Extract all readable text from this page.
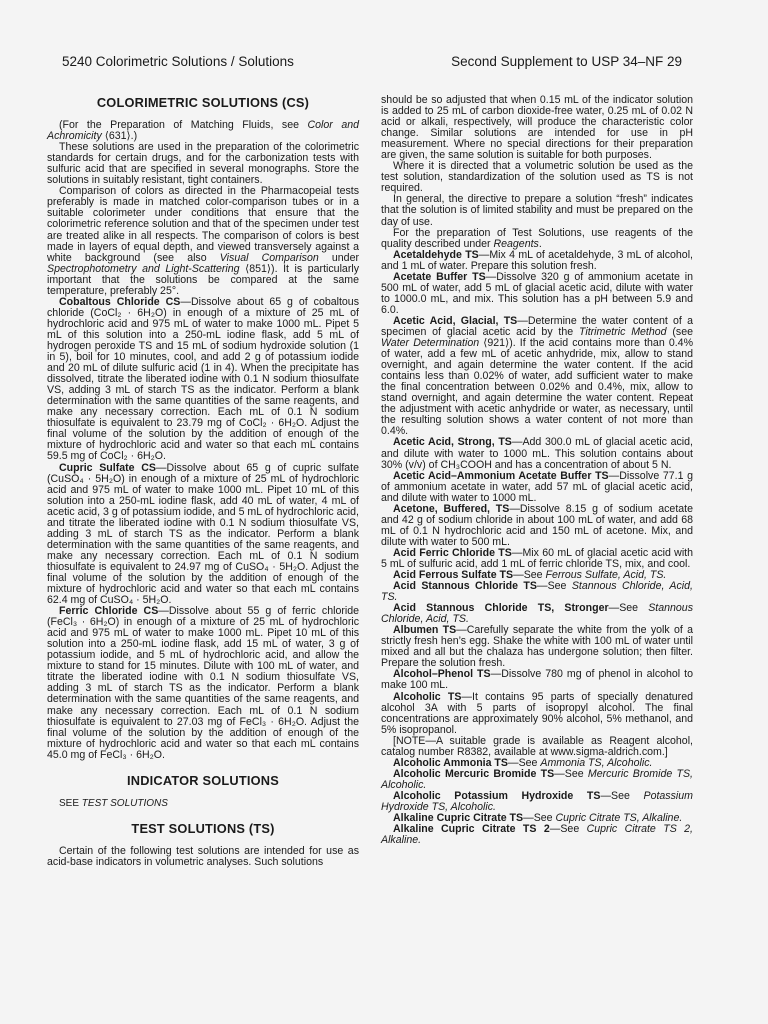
5240 Colorimetric Solutions / Solutions	Second Supplement to USP 34–NF 29
COLORIMETRIC SOLUTIONS (CS)

(For the Preparation of Matching Fluids, see Color and Achromicity ⟨631⟩.)

These solutions are used in the preparation of the colorimetric standards for certain drugs, and for the carbonization tests with sulfuric acid that are specified in several monographs. Store the solutions in suitably resistant, tight containers.

Comparison of colors as directed in the Pharmacopeial tests preferably is made in matched color-comparison tubes or in a suitable colorimeter under conditions that ensure that the colorimetric reference solution and that of the specimen under test are treated alike in all respects. The comparison of colors is best made in layers of equal depth, and viewed transversely against a white background (see also Visual Comparison under Spectrophotometry and Light-Scattering ⟨851⟩). It is particularly important that the solutions be compared at the same temperature, preferably 25°.

Cobaltous Chloride CS—Dissolve about 65 g of cobaltous chloride (CoCl₂ · 6H₂O) in enough of a mixture of 25 mL of hydrochloric acid and 975 mL of water to make 1000 mL. Pipet 5 mL of this solution into a 250-mL iodine flask, add 5 mL of hydrogen peroxide TS and 15 mL of sodium hydroxide solution (1 in 5), boil for 10 minutes, cool, and add 2 g of potassium iodide and 20 mL of dilute sulfuric acid (1 in 4). When the precipitate has dissolved, titrate the liberated iodine with 0.1 N sodium thiosulfate VS, adding 3 mL of starch TS as the indicator. Perform a blank determination with the same quantities of the same reagents, and make any necessary correction. Each mL of 0.1 N sodium thiosulfate is equivalent to 23.79 mg of CoCl₂ · 6H₂O. Adjust the final volume of the solution by the addition of enough of the mixture of hydrochloric acid and water so that each mL contains 59.5 mg of CoCl₂ · 6H₂O.

Cupric Sulfate CS—Dissolve about 65 g of cupric sulfate (CuSO₄ · 5H₂O) in enough of a mixture of 25 mL of hydrochloric acid and 975 mL of water to make 1000 mL. Pipet 10 mL of this solution into a 250-mL iodine flask, add 40 mL of water, 4 mL of acetic acid, 3 g of potassium iodide, and 5 mL of hydrochloric acid, and titrate the liberated iodine with 0.1 N sodium thiosulfate VS, adding 3 mL of starch TS as the indicator. Perform a blank determination with the same quantities of the same reagents, and make any necessary correction. Each mL of 0.1 N sodium thiosulfate is equivalent to 24.97 mg of CuSO₄ · 5H₂O. Adjust the final volume of the solution by the addition of enough of the mixture of hydrochloric acid and water so that each mL contains 62.4 mg of CuSO₄ · 5H₂O.

Ferric Chloride CS—Dissolve about 55 g of ferric chloride (FeCl₃ · 6H₂O) in enough of a mixture of 25 mL of hydrochloric acid and 975 mL of water to make 1000 mL. Pipet 10 mL of this solution into a 250-mL iodine flask, add 15 mL of water, 3 g of potassium iodide, and 5 mL of hydrochloric acid, and allow the mixture to stand for 15 minutes. Dilute with 100 mL of water, and titrate the liberated iodine with 0.1 N sodium thiosulfate VS, adding 3 mL of starch TS as the indicator. Perform a blank determination with the same quantities of the same reagents, and make any necessary correction. Each mL of 0.1 N sodium thiosulfate is equivalent to 27.03 mg of FeCl₃ · 6H₂O. Adjust the final volume of the solution by the addition of enough of the mixture of hydrochloric acid and water so that each mL contains 45.0 mg of FeCl₃ · 6H₂O.

INDICATOR SOLUTIONS
SEE TEST SOLUTIONS
TEST SOLUTIONS (TS)

Certain of the following test solutions are intended for use as acid-base indicators in volumetric analyses. Such solutions

should be so adjusted that when 0.15 mL of the indicator solution is added to 25 mL of carbon dioxide-free water, 0.25 mL of 0.02 N acid or alkali, respectively, will produce the characteristic color change. Similar solutions are intended for use in pH measurement. Where no special directions for their preparation are given, the same solution is suitable for both purposes.

Where it is directed that a volumetric solution be used as the test solution, standardization of the solution used as TS is not required.

In general, the directive to prepare a solution “fresh” indicates that the solution is of limited stability and must be prepared on the day of use.

For the preparation of Test Solutions, use reagents of the quality described under Reagents.

Acetaldehyde TS—Mix 4 mL of acetaldehyde, 3 mL of alcohol, and 1 mL of water. Prepare this solution fresh.

Acetate Buffer TS—Dissolve 320 g of ammonium acetate in 500 mL of water, add 5 mL of glacial acetic acid, dilute with water to 1000.0 mL, and mix. This solution has a pH between 5.9 and 6.0.

Acetic Acid, Glacial, TS—Determine the water content of a specimen of glacial acetic acid by the Titrimetric Method (see Water Determination ⟨921⟩). If the acid contains more than 0.4% of water, add a few mL of acetic anhydride, mix, allow to stand overnight, and again determine the water content. If the acid contains less than 0.02% of water, add sufficient water to make the final concentration between 0.02% and 0.4%, mix, allow to stand overnight, and again determine the water content. Repeat the adjustment with acetic anhydride or water, as necessary, until the resulting solution shows a water content of not more than 0.4%.

Acetic Acid, Strong, TS—Add 300.0 mL of glacial acetic acid, and dilute with water to 1000 mL. This solution contains about 30% (v/v) of CH₃COOH and has a concentration of about 5 N.

Acetic Acid–Ammonium Acetate Buffer TS—Dissolve 77.1 g of ammonium acetate in water, add 57 mL of glacial acetic acid, and dilute with water to 1000 mL.

Acetone, Buffered, TS—Dissolve 8.15 g of sodium acetate and 42 g of sodium chloride in about 100 mL of water, and add 68 mL of 0.1 N hydrochloric acid and 150 mL of acetone. Mix, and dilute with water to 500 mL.

Acid Ferric Chloride TS—Mix 60 mL of glacial acetic acid with 5 mL of sulfuric acid, add 1 mL of ferric chloride TS, mix, and cool.

Acid Ferrous Sulfate TS—See Ferrous Sulfate, Acid, TS.

Acid Stannous Chloride TS—See Stannous Chloride, Acid, TS.

Acid Stannous Chloride TS, Stronger—See Stannous Chloride, Acid, TS.

Albumen TS—Carefully separate the white from the yolk of a strictly fresh hen’s egg. Shake the white with 100 mL of water until mixed and all but the chalaza has undergone solution; then filter. Prepare the solution fresh.

Alcohol–Phenol TS—Dissolve 780 mg of phenol in alcohol to make 100 mL.

Alcoholic TS—It contains 95 parts of specially denatured alcohol 3A with 5 parts of isopropyl alcohol. The final concentrations are approximately 90% alcohol, 5% methanol, and 5% isopropanol.

[NOTE—A suitable grade is available as Reagent alcohol, catalog number R8382, available at www.sigma-aldrich.com.]

Alcoholic Ammonia TS—See Ammonia TS, Alcoholic.

Alcoholic Mercuric Bromide TS—See Mercuric Bromide TS, Alcoholic.

Alcoholic Potassium Hydroxide TS—See Potassium Hydroxide TS, Alcoholic.

Alkaline Cupric Citrate TS—See Cupric Citrate TS, Alkaline.

Alkaline Cupric Citrate TS 2—See Cupric Citrate TS 2, Alkaline.
